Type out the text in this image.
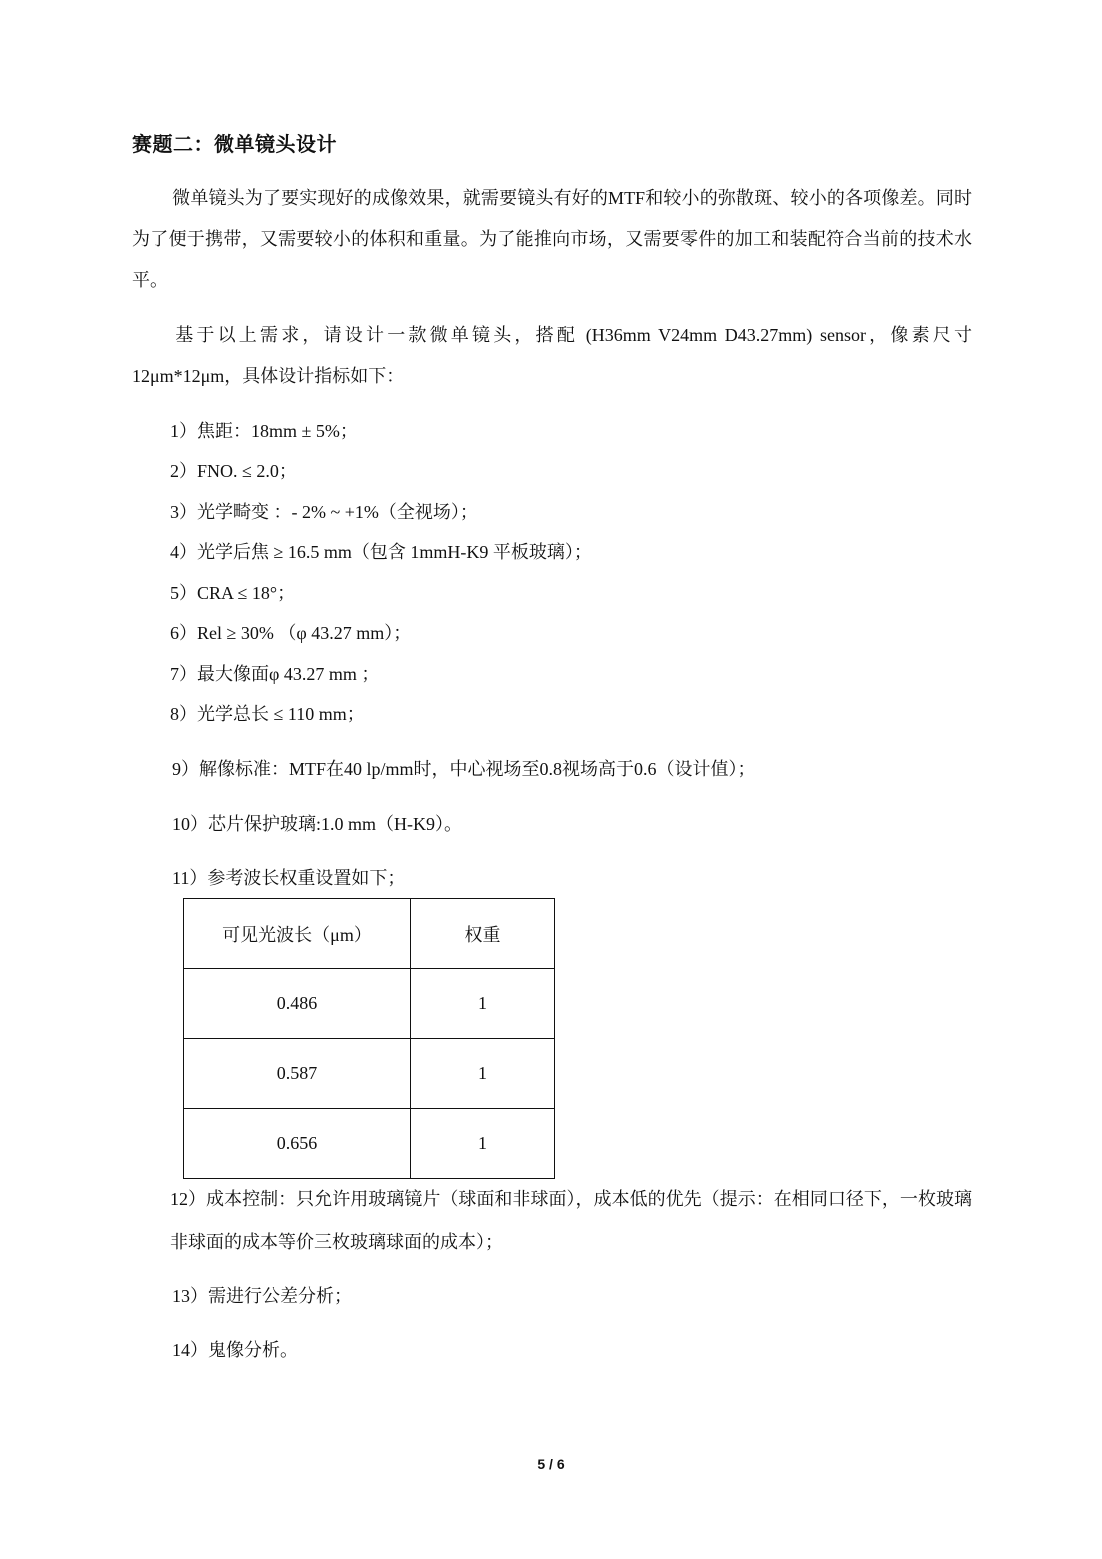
赛题二：微单镜头设计
微单镜头为了要实现好的成像效果，就需要镜头有好的MTF和较小的弥散斑、较小的各项像差。同时为了便于携带，又需要较小的体积和重量。为了能推向市场，又需要零件的加工和装配符合当前的技术水平。
基于以上需求，请设计一款微单镜头，搭配 (H36mm V24mm D43.27mm) sensor，像素尺寸12μm*12μm，具体设计指标如下：
1）焦距：18mm ± 5%；
2）FNO. ≤ 2.0；
3）光学畸变 ：- 2% ~ +1%（全视场）；
4）光学后焦 ≥ 16.5 mm（包含 1mmH-K9 平板玻璃）；
5）CRA ≤ 18°；
6）Rel ≥ 30% （φ 43.27 mm）；
7）最大像面φ 43.27 mm ；
8）光学总长 ≤ 110 mm；
9）解像标准：MTF在40 lp/mm时，中心视场至0.8视场高于0.6（设计值）；
10）芯片保护玻璃:1.0 mm（H-K9）。
11）参考波长权重设置如下；
可见光波长（μm）	权重
0.486	1
0.587	1
0.656	1
12）成本控制：只允许用玻璃镜片（球面和非球面），成本低的优先（提示：在相同口径下，一枚玻璃非球面的成本等价三枚玻璃球面的成本）；
13）需进行公差分析；
14）鬼像分析。
5 / 6
